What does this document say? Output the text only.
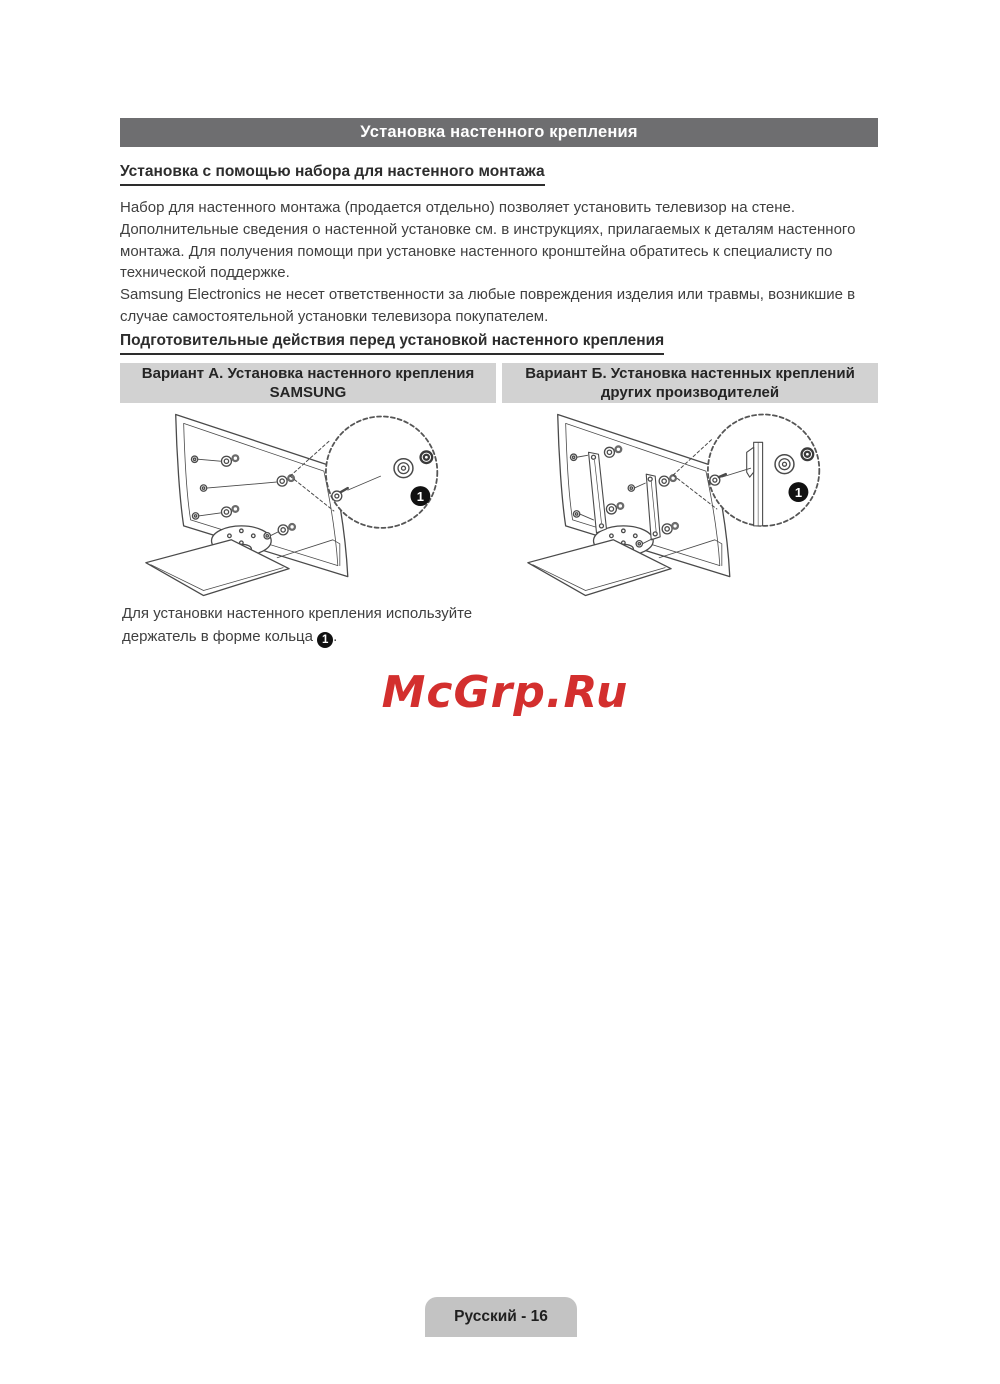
Установка настенного крепления
Установка с помощью набора для настенного монтажа

Набор для настенного монтажа (продается отдельно) позволяет установить телевизор на стене.

Дополнительные сведения о настенной установке см. в инструкциях, прилагаемых к деталям настенного монтажа. Для получения помощи при установке настенного кронштейна обратитесь к специалисту по технической поддержке.

Samsung Electronics не несет ответственности за любые повреждения изделия или травмы, возникшие в случае самостоятельной установки телевизора покупателем.

Подготовительные действия перед установкой настенного крепления
Вариант A. Установка настенного крепления
SAMSUNG
Вариант Б. Установка настенных креплений
других производителей
1	1

Для установки настенного крепления используйте держатель в форме кольца 1 .

McGrp.Ru
Русский - 16
